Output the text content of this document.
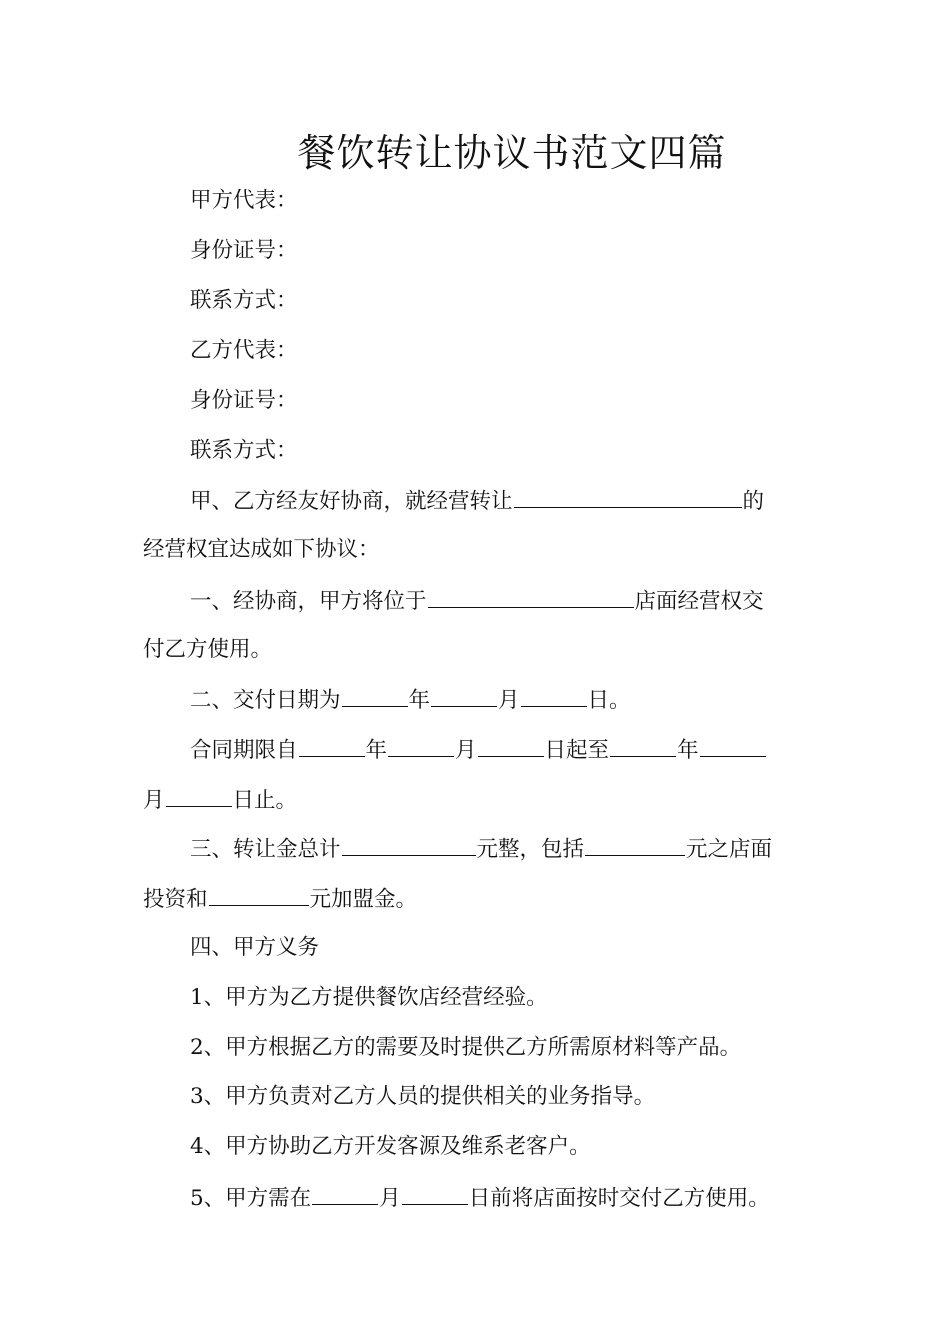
餐饮转让协议书范文四篇
甲方代表：
身份证号：
联系方式：
乙方代表：
身份证号：
联系方式：
甲、乙方经友好协商，就经营转让	的
经营权宜达成如下协议：
一、经协商，甲方将位于	店面经营权交
付乙方使用。
二、交付日期为	年	月	日。
合同期限自	年	月	日起至	年
月	日止。
三、转让金总计	元整，包括	元之店面
投资和	元加盟金。
四、甲方义务
1、甲方为乙方提供餐饮店经营经验。
2、甲方根据乙方的需要及时提供乙方所需原材料等产品。
3、甲方负责对乙方人员的提供相关的业务指导。
4、甲方协助乙方开发客源及维系老客户。
5、甲方需在	月	日前将店面按时交付乙方使用。
